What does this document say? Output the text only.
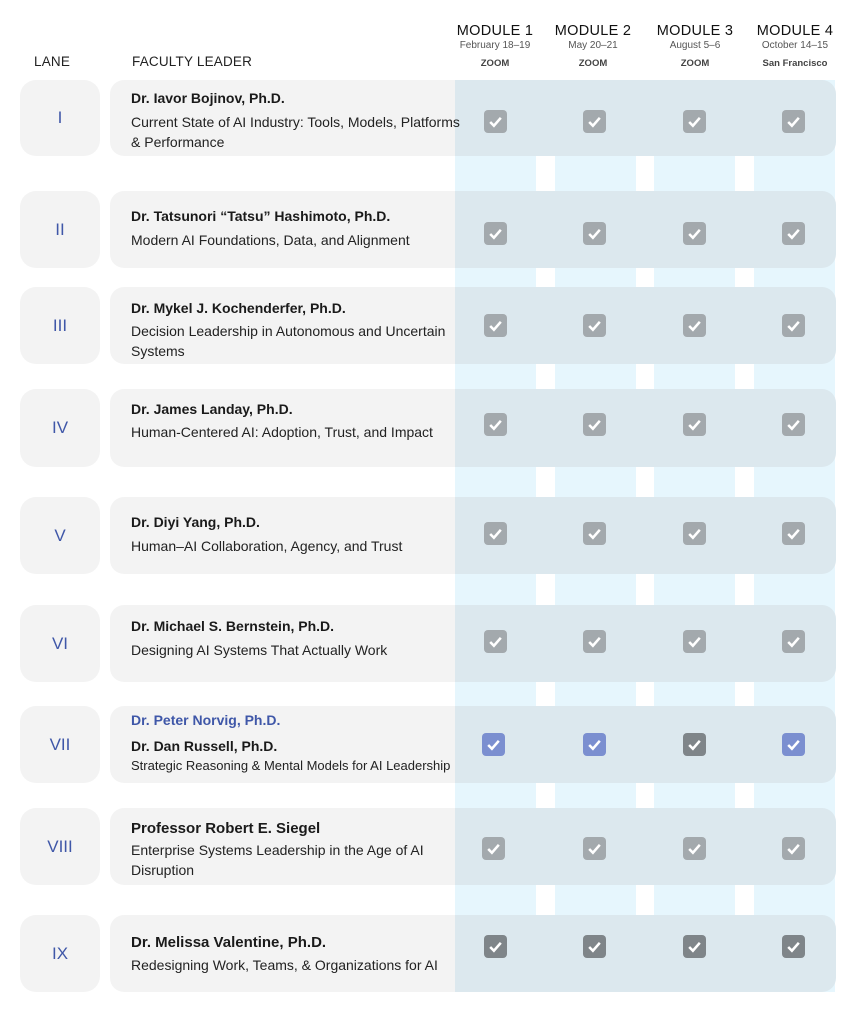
LANE	FACULTY LEADER
MODULE 1
February 18–19
ZOOM
MODULE 2
May 20–21
ZOOM
MODULE 3
August 5–6
ZOOM
MODULE 4
October 14–15
San Francisco
I
Dr. Iavor Bojinov, Ph.D.
Current State of AI Industry: Tools, Models, Platforms & Performance
II
Dr. Tatsunori “Tatsu” Hashimoto, Ph.D.
Modern AI Foundations, Data, and Alignment
III
Dr. Mykel J. Kochenderfer, Ph.D.
Decision Leadership in Autonomous and Uncertain Systems
IV
Dr. James Landay, Ph.D.
Human-Centered AI: Adoption, Trust, and Impact
V
Dr. Diyi Yang, Ph.D.
Human–AI Collaboration, Agency, and Trust
VI
Dr. Michael S. Bernstein, Ph.D.
Designing AI Systems That Actually Work
VII
Dr. Peter Norvig, Ph.D.
Dr. Dan Russell, Ph.D.
Strategic Reasoning & Mental Models for AI Leadership
VIII
Professor Robert E. Siegel
Enterprise Systems Leadership in the Age of AI Disruption
IX
Dr. Melissa Valentine, Ph.D.
Redesigning Work, Teams, & Organizations for AI
